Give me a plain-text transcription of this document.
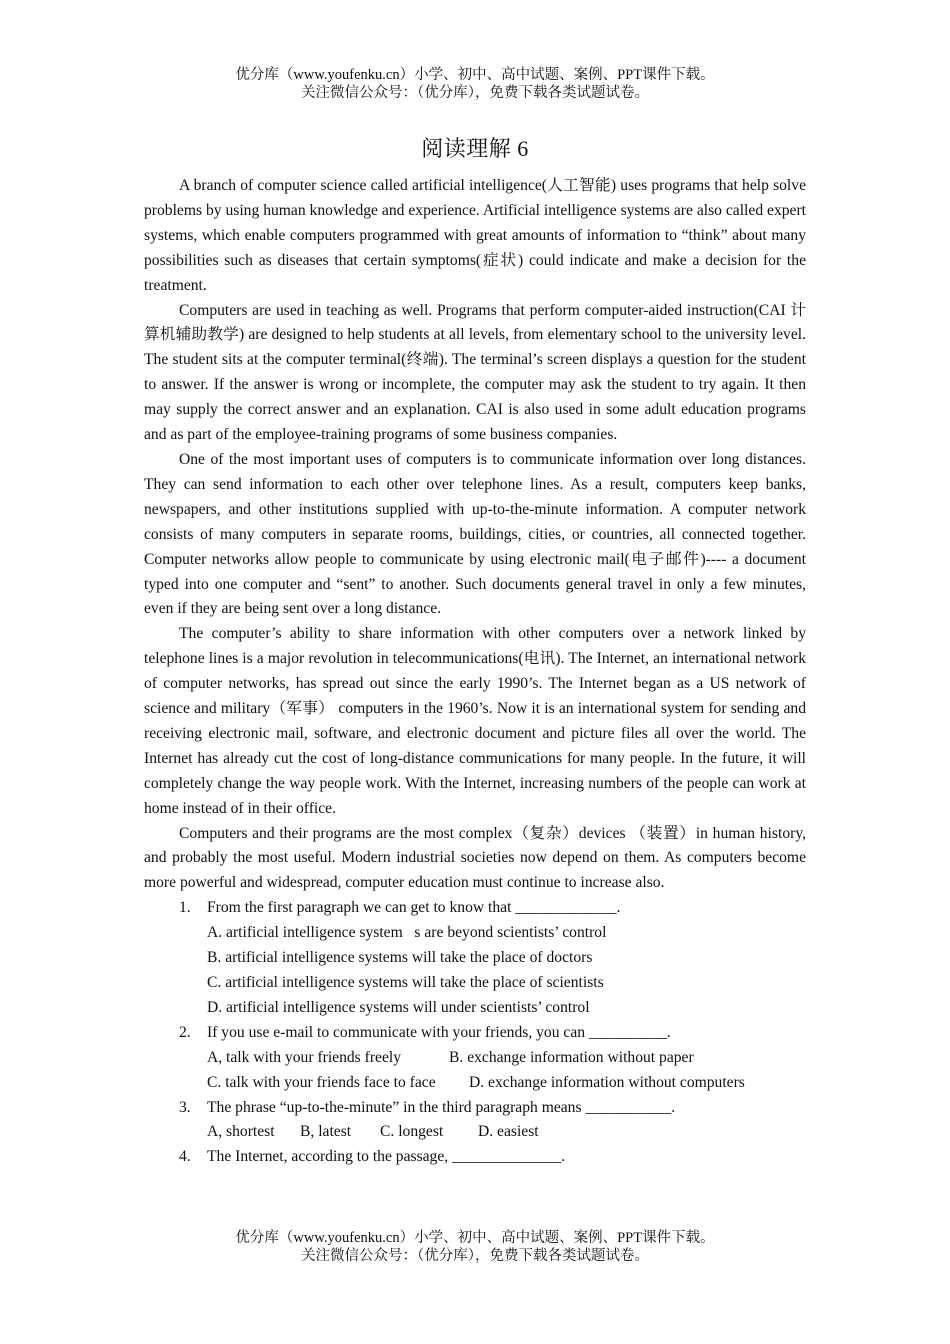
优分库（www.youfenku.cn）小学、初中、高中试题、案例、PPT课件下载。
关注微信公众号：（优分库），免费下载各类试题试卷。
阅读理解 6

A branch of computer science called artificial intelligence(人工智能) uses programs that help solve problems by using human knowledge and experience. Artificial intelligence systems are also called expert systems, which enable computers programmed with great amounts of information to “think” about many possibilities such as diseases that certain symptoms(症状) could indicate and make a decision for the treatment.

Computers are used in teaching as well. Programs that perform computer-aided instruction(CAI 计算机辅助教学) are designed to help students at all levels, from elementary school to the university level. The student sits at the computer terminal(终端). The terminal’s screen displays a question for the student to answer. If the answer is wrong or incomplete, the computer may ask the student to try again. It then may supply the correct answer and an explanation. CAI is also used in some adult education programs and as part of the employee-training programs of some business companies.

One of the most important uses of computers is to communicate information over long distances. They can send information to each other over telephone lines. As a result, computers keep banks, newspapers, and other institutions supplied with up-to-the-minute information. A computer network consists of many computers in separate rooms, buildings, cities, or countries, all connected together. Computer networks allow people to communicate by using electronic mail(电子邮件)---- a document typed into one computer and “sent” to another. Such documents general travel in only a few minutes, even if they are being sent over a long distance.

The computer’s ability to share information with other computers over a network linked by telephone lines is a major revolution in telecommunications(电讯). The Internet, an international network of computer networks, has spread out since the early 1990’s. The Internet began as a US network of science and military（军事） computers in the 1960’s. Now it is an international system for sending and receiving electronic mail, software, and electronic document and picture files all over the world. The Internet has already cut the cost of long-distance communications for many people. In the future, it will completely change the way people work. With the Internet, increasing numbers of the people can work at home instead of in their office.

Computers and their programs are the most complex（复杂）devices （装置）in human history, and probably the most useful. Modern industrial societies now depend on them. As computers become more powerful and widespread, computer education must continue to increase also.

1. From the first paragraph we can get to know that _____________.
A. artificial intelligence system   s are beyond scientists’ control
B. artificial intelligence systems will take the place of doctors
C. artificial intelligence systems will take the place of scientists
D. artificial intelligence systems will under scientists’ control
2. If you use e-mail to communicate with your friends, you can __________.
A, talk with your friends freely	B. exchange information without paper
C. talk with your friends face to face	D. exchange information without computers
3. The phrase “up-to-the-minute” in the third paragraph means ___________.
A, shortest	B, latest	C. longest	D. easiest
4. The Internet, according to the passage, ______________.
优分库（www.youfenku.cn）小学、初中、高中试题、案例、PPT课件下载。
关注微信公众号：（优分库），免费下载各类试题试卷。
